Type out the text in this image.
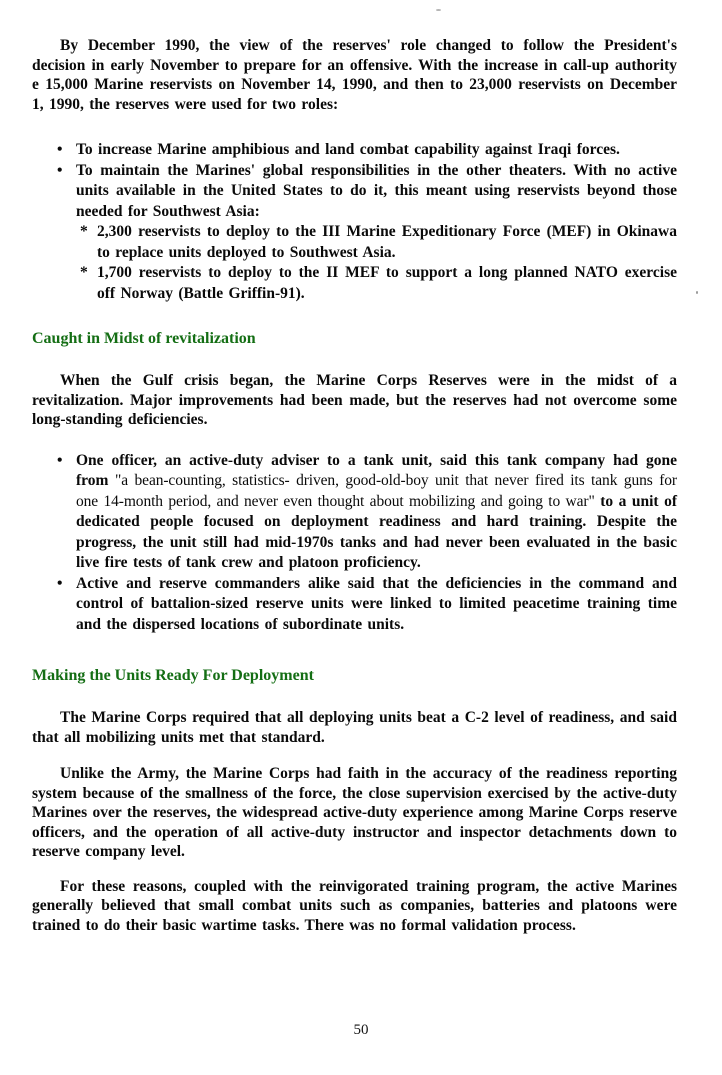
By December 1990, the view of the reserves' role changed to follow the President's decision in early November to prepare for an offensive. With the increase in call-up authority e 15,000 Marine reservists on November 14, 1990, and then to 23,000 reservists on December 1, 1990, the reserves were used for two roles:

• To increase Marine amphibious and land combat capability against Iraqi forces.
• To maintain the Marines' global responsibilities in the other theaters. With no active units available in the United States to do it, this meant using reservists beyond those needed for Southwest Asia:
* 2,300 reservists to deploy to the III Marine Expeditionary Force (MEF) in Okinawa to replace units deployed to Southwest Asia.
* 1,700 reservists to deploy to the II MEF to support a long planned NATO exercise off Norway (Battle Griffin-91).
Caught in Midst of revitalization

When the Gulf crisis began, the Marine Corps Reserves were in the midst of a revitalization. Major improvements had been made, but the reserves had not overcome some long-standing deficiencies.

• One officer, an active-duty adviser to a tank unit, said this tank company had gone from "a bean-counting, statistics- driven, good-old-boy unit that never fired its tank guns for one 14-month period, and never even thought about mobilizing and going to war" to a unit of dedicated people focused on deployment readiness and hard training. Despite the progress, the unit still had mid-1970s tanks and had never been evaluated in the basic live fire tests of tank crew and platoon proficiency.
• Active and reserve commanders alike said that the deficiencies in the command and control of battalion-sized reserve units were linked to limited peacetime training time and the dispersed locations of subordinate units.
Making the Units Ready For Deployment

The Marine Corps required that all deploying units beat a C-2 level of readiness, and said that all mobilizing units met that standard.

Unlike the Army, the Marine Corps had faith in the accuracy of the readiness reporting system because of the smallness of the force, the close supervision exercised by the active-duty Marines over the reserves, the widespread active-duty experience among Marine Corps reserve officers, and the operation of all active-duty instructor and inspector detachments down to reserve company level.

For these reasons, coupled with the reinvigorated training program, the active Marines generally believed that small combat units such as companies, batteries and platoons were trained to do their basic wartime tasks. There was no formal validation process.

50
